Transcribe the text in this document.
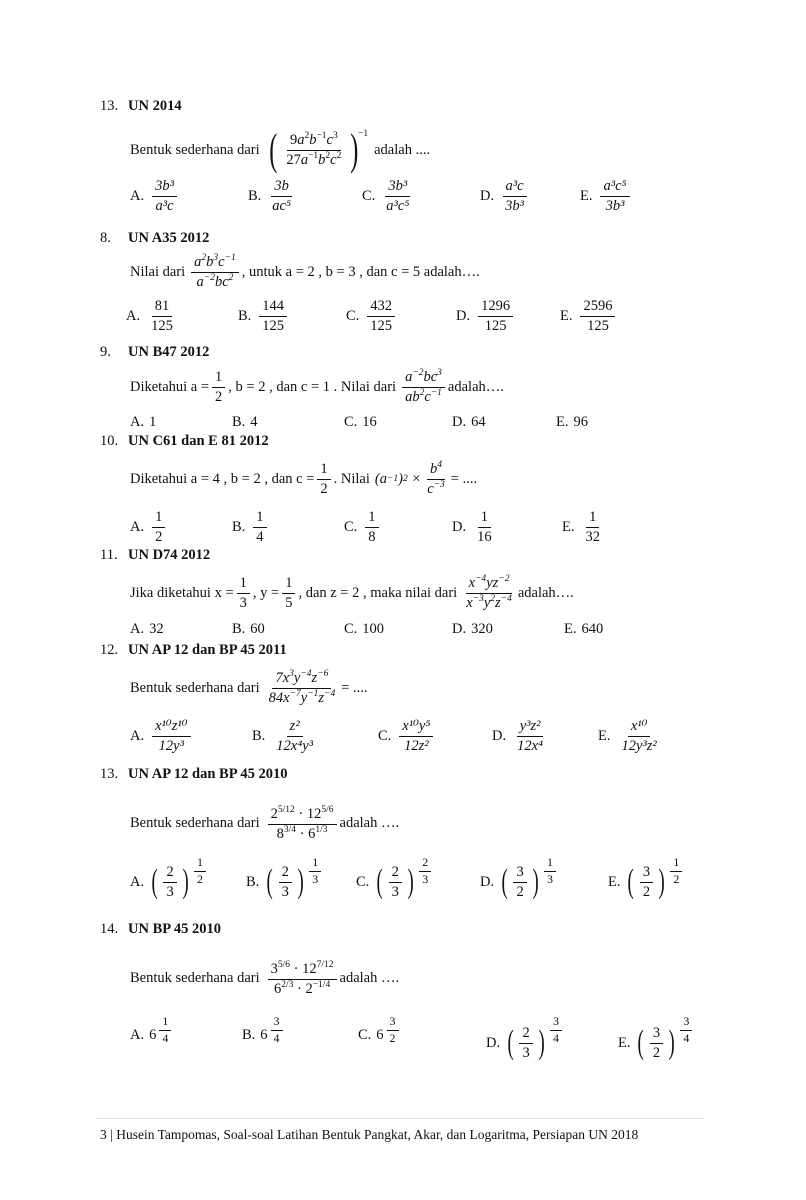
13. UN 2014
Bentuk sederhana dari ( $\frac{9a^2b^{-1}c^3}{27a^{-1}b^2c^2} )^{-1}$
adalah ....
A. $\frac{\text{3b³}}{\text{a³c}}$	B. $\frac{3b}{\text{ac⁵}}$	C. $\frac{\text{3b³}}{\text{a³c⁵}}$	D. $\frac{\text{a³c}}{\text{3b³}}$	E. $\frac{\text{a³c⁵}}{\text{3b³}}$
8. UN A35 2012
Nilai dari $\frac{a^2b^3c^{-1}}{a^{-2}bc^2}$ , untuk a = 2 , b = 3 , dan c = 5 adalah….
A. $\frac{81}{125}$	B. $\frac{144}{125}$	C. $\frac{432}{125}$	D. $\frac{1296}{125}$	E. $\frac{2596}{125}$
9. UN B47 2012
Diketahui $a = \frac{1}{2}$ , b = 2 , dan c = 1 . Nilai dari $\frac{a^{-2}bc^3}{ab^2c^{-1}}$ adalah….
A. 1	B. 4	C. 16	D. 64	E. 96
10. UN C61 dan E 81 2012
Diketahui a = 4 , b = 2 , dan $c = \frac{1}{2}$ . Nilai (a −1 ) $2 \times \frac{b^4}{c^{-3}}$ = ....
A. $\frac{1}{2}$	B. $\frac{1}{4}$	C. $\frac{1}{8}$	D. $\frac{1}{16}$	E. $\frac{1}{32}$
11. UN D74 2012
Jika diketahui $x = \frac{1}{3}$ , $y = \frac{1}{5}$ , dan z = 2 , maka nilai dari $\frac{x^{-4}yz^{-2}}{x^{-3}y^2z^{-4}}$ adalah….
A. 32	B. 60	C. 100	D. 320	E. 640
12. UN AP 12 dan BP 45 2011
Bentuk sederhana dari $\frac{7x^3y^{-4}z^{-6}}{84x^{-7}y^{-1}z^{-4}}$ = ....
A. $\frac{\text{x¹⁰z¹⁰}}{\text{12y³}}$	B. $\frac{\text{z²}}{\text{12x⁴y³}}$	C. $\frac{\text{x¹⁰y⁵}}{\text{12z²}}$	D. $\frac{\text{y³z²}}{\text{12x⁴}}$	E. $\frac{\text{x¹⁰}}{\text{12y³z²}}$
13. UN AP 12 dan BP 45 2010
Bentuk sederhana dari $\frac{2^{5/12} \cdot 12^{5/6}}{8^{3/4} \cdot 6^{1/3}}$ adalah ….
A. ( $\frac{2}{3}$ ) $\frac{1}{2}$	B. ( $\frac{2}{3}$ ) $\frac{1}{3} C$. ( $\frac{2}{3}$ ) $\frac{2}{3}$	D. ( $\frac{3}{2}$ ) $\frac{1}{3}$	E. ( $\frac{3}{2}$ ) $\frac{1}{2}$
14. UN BP 45 2010
Bentuk sederhana dari $\frac{3^{5/6} \cdot 12^{7/12}}{6^{2/3} \cdot 2^{-1/4}}$ adalah ….
A. $6 \frac{1}{4}$	B. $6 \frac{3}{4}$	C. $6 \frac{3}{2}$	D. ( $\frac{2}{3}$ ) $\frac{3}{4}$	E. ( $\frac{3}{2}$ ) $\frac{3}{4}$
3 | Husein Tampomas, Soal-soal Latihan Bentuk Pangkat, Akar, dan Logaritma, Persiapan UN 2018
